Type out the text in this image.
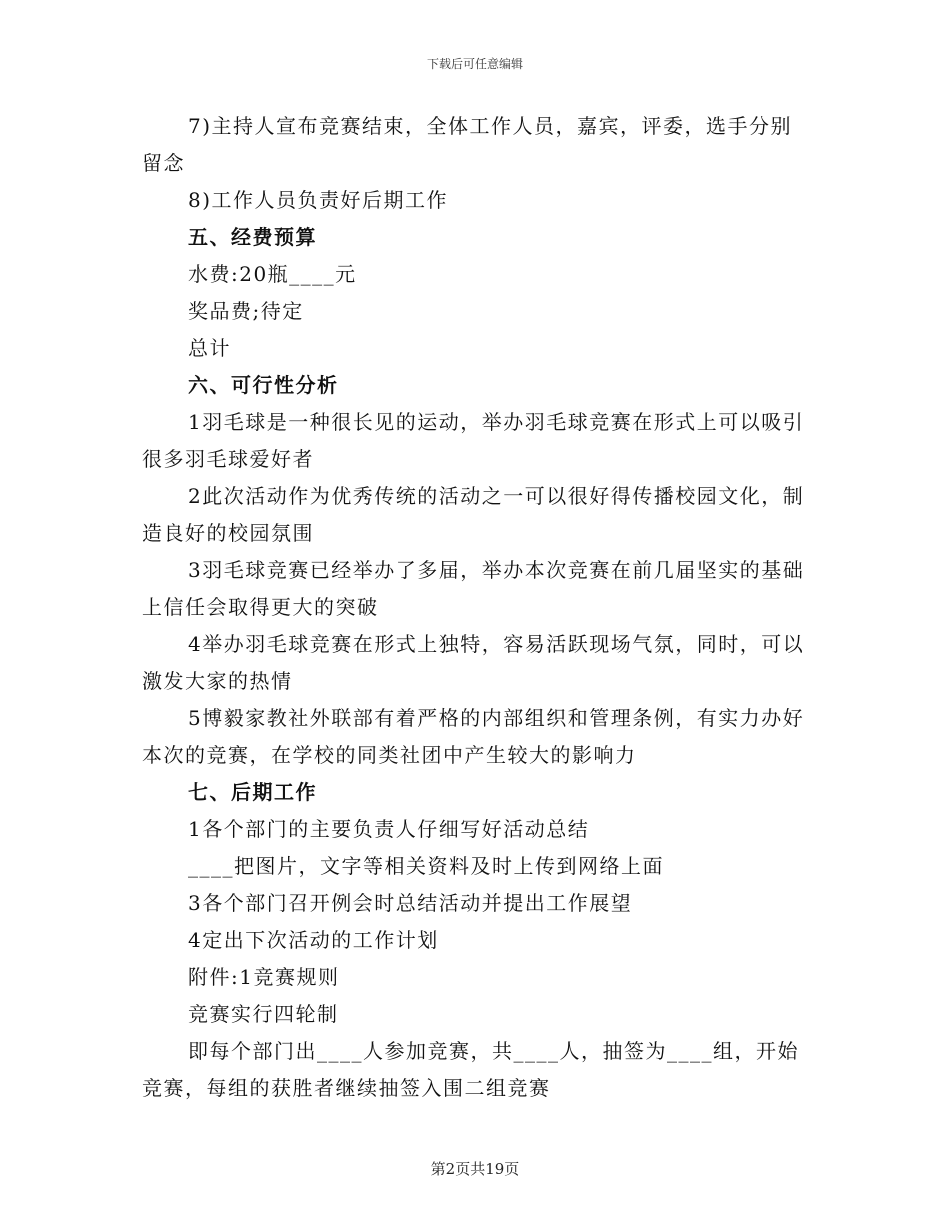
下载后可任意编辑

7)主持人宣布竞赛结束，全体工作人员，嘉宾，评委，选手分别留念

8)工作人员负责好后期工作

五、经费预算

水费:20瓶____元

奖品费;待定

总计

六、可行性分析

1羽毛球是一种很长见的运动，举办羽毛球竞赛在形式上可以吸引很多羽毛球爱好者

2此次活动作为优秀传统的活动之一可以很好得传播校园文化，制造良好的校园氛围

3羽毛球竞赛已经举办了多届，举办本次竞赛在前几届坚实的基础上信任会取得更大的突破

4举办羽毛球竞赛在形式上独特，容易活跃现场气氛，同时，可以激发大家的热情

5博毅家教社外联部有着严格的内部组织和管理条例，有实力办好本次的竞赛，在学校的同类社团中产生较大的影响力

七、后期工作

1各个部门的主要负责人仔细写好活动总结

____把图片，文字等相关资料及时上传到网络上面

3各个部门召开例会时总结活动并提出工作展望

4定出下次活动的工作计划

附件:1竞赛规则

竞赛实行四轮制

即每个部门出____人参加竞赛，共____人，抽签为____组，开始竞赛，每组的获胜者继续抽签入围二组竞赛

第2页共19页
